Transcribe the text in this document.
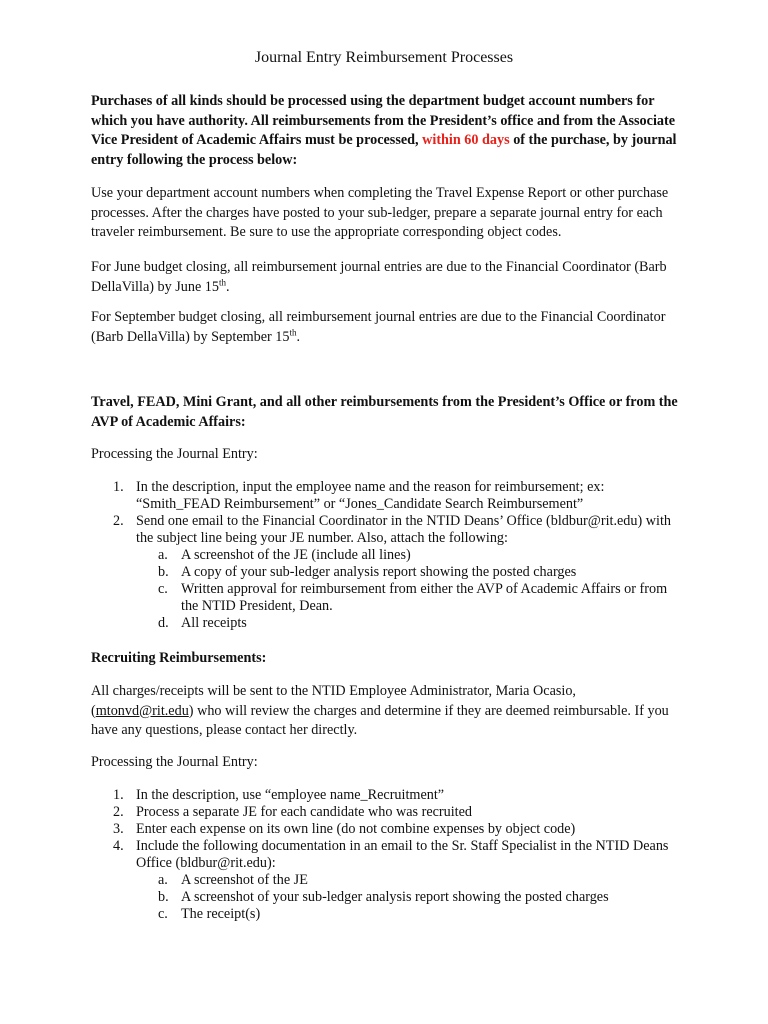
Journal Entry Reimbursement Processes

Purchases of all kinds should be processed using the department budget account numbers for which you have authority. All reimbursements from the President’s office and from the Associate Vice President of Academic Affairs must be processed, within 60 days of the purchase, by journal entry following the process below:

Use your department account numbers when completing the Travel Expense Report or other purchase processes. After the charges have posted to your sub-ledger, prepare a separate journal entry for each traveler reimbursement. Be sure to use the appropriate corresponding object codes.

For June budget closing, all reimbursement journal entries are due to the Financial Coordinator (Barb DellaVilla) by June 15th.

For September budget closing, all reimbursement journal entries are due to the Financial Coordinator (Barb DellaVilla) by September 15th.

Travel, FEAD, Mini Grant, and all other reimbursements from the President’s Office or from the AVP of Academic Affairs:

Processing the Journal Entry:

1. In the description, input the employee name and the reason for reimbursement; ex: “Smith_FEAD Reimbursement” or “Jones_Candidate Search Reimbursement”
2. Send one email to the Financial Coordinator in the NTID Deans’ Office (bldbur@rit.edu) with the subject line being your JE number. Also, attach the following:
a. A screenshot of the JE (include all lines)
b. A copy of your sub-ledger analysis report showing the posted charges
c. Written approval for reimbursement from either the AVP of Academic Affairs or from the NTID President, Dean.
d. All receipts

Recruiting Reimbursements:

All charges/receipts will be sent to the NTID Employee Administrator, Maria Ocasio, (mtonvd@rit.edu) who will review the charges and determine if they are deemed reimbursable. If you have any questions, please contact her directly.

Processing the Journal Entry:

1. In the description, use “employee name_Recruitment”
2. Process a separate JE for each candidate who was recruited
3. Enter each expense on its own line (do not combine expenses by object code)
4. Include the following documentation in an email to the Sr. Staff Specialist in the NTID Deans Office (bldbur@rit.edu):
a. A screenshot of the JE
b. A screenshot of your sub-ledger analysis report showing the posted charges
c. The receipt(s)
